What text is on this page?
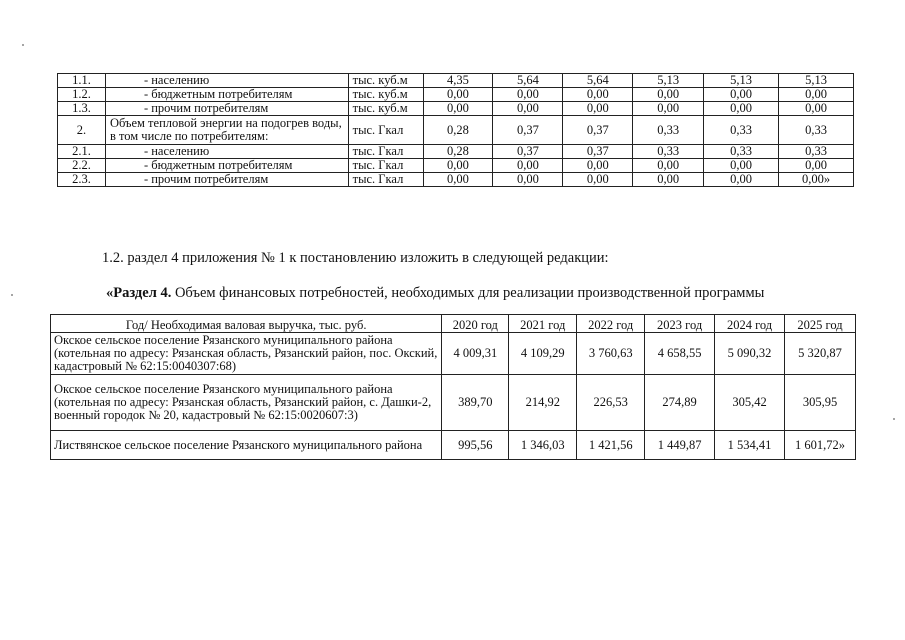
1.1.	- населению	тыс. куб.м	4,35	5,64	5,64	5,13	5,13	5,13
1.2.	- бюджетным потребителям	тыс. куб.м	0,00	0,00	0,00	0,00	0,00	0,00
1.3.	- прочим потребителям	тыс. куб.м	0,00	0,00	0,00	0,00	0,00	0,00
2.	Объем тепловой энергии на подогрев воды, в том числе по потребителям:	тыс. Гкал	0,28	0,37	0,37	0,33	0,33	0,33
2.1.	- населению	тыс. Гкал	0,28	0,37	0,37	0,33	0,33	0,33
2.2.	- бюджетным потребителям	тыс. Гкал	0,00	0,00	0,00	0,00	0,00	0,00
2.3.	- прочим потребителям	тыс. Гкал	0,00	0,00	0,00	0,00	0,00	0,00»
1.2. раздел 4 приложения № 1 к постановлению изложить в следующей редакции:
«Раздел 4. Объем финансовых потребностей, необходимых для реализации производственной программы
Год/ Необходимая валовая выручка, тыс. руб.	2020 год	2021 год	2022 год	2023 год	2024 год	2025 год
Окское сельское поселение Рязанского муниципального района (котельная по адресу: Рязанская область, Рязанский район, пос. Окский, кадастровый № 62:15:0040307:68)	4 009,31	4 109,29	3 760,63	4 658,55	5 090,32	5 320,87
Окское сельское поселение Рязанского муниципального района (котельная по адресу: Рязанская область, Рязанский район, с. Дашки-2, военный городок № 20, кадастровый № 62:15:0020607:3)	389,70	214,92	226,53	274,89	305,42	305,95
Листвянское сельское поселение Рязанского муниципального района	995,56	1 346,03	1 421,56	1 449,87	1 534,41	1 601,72»
